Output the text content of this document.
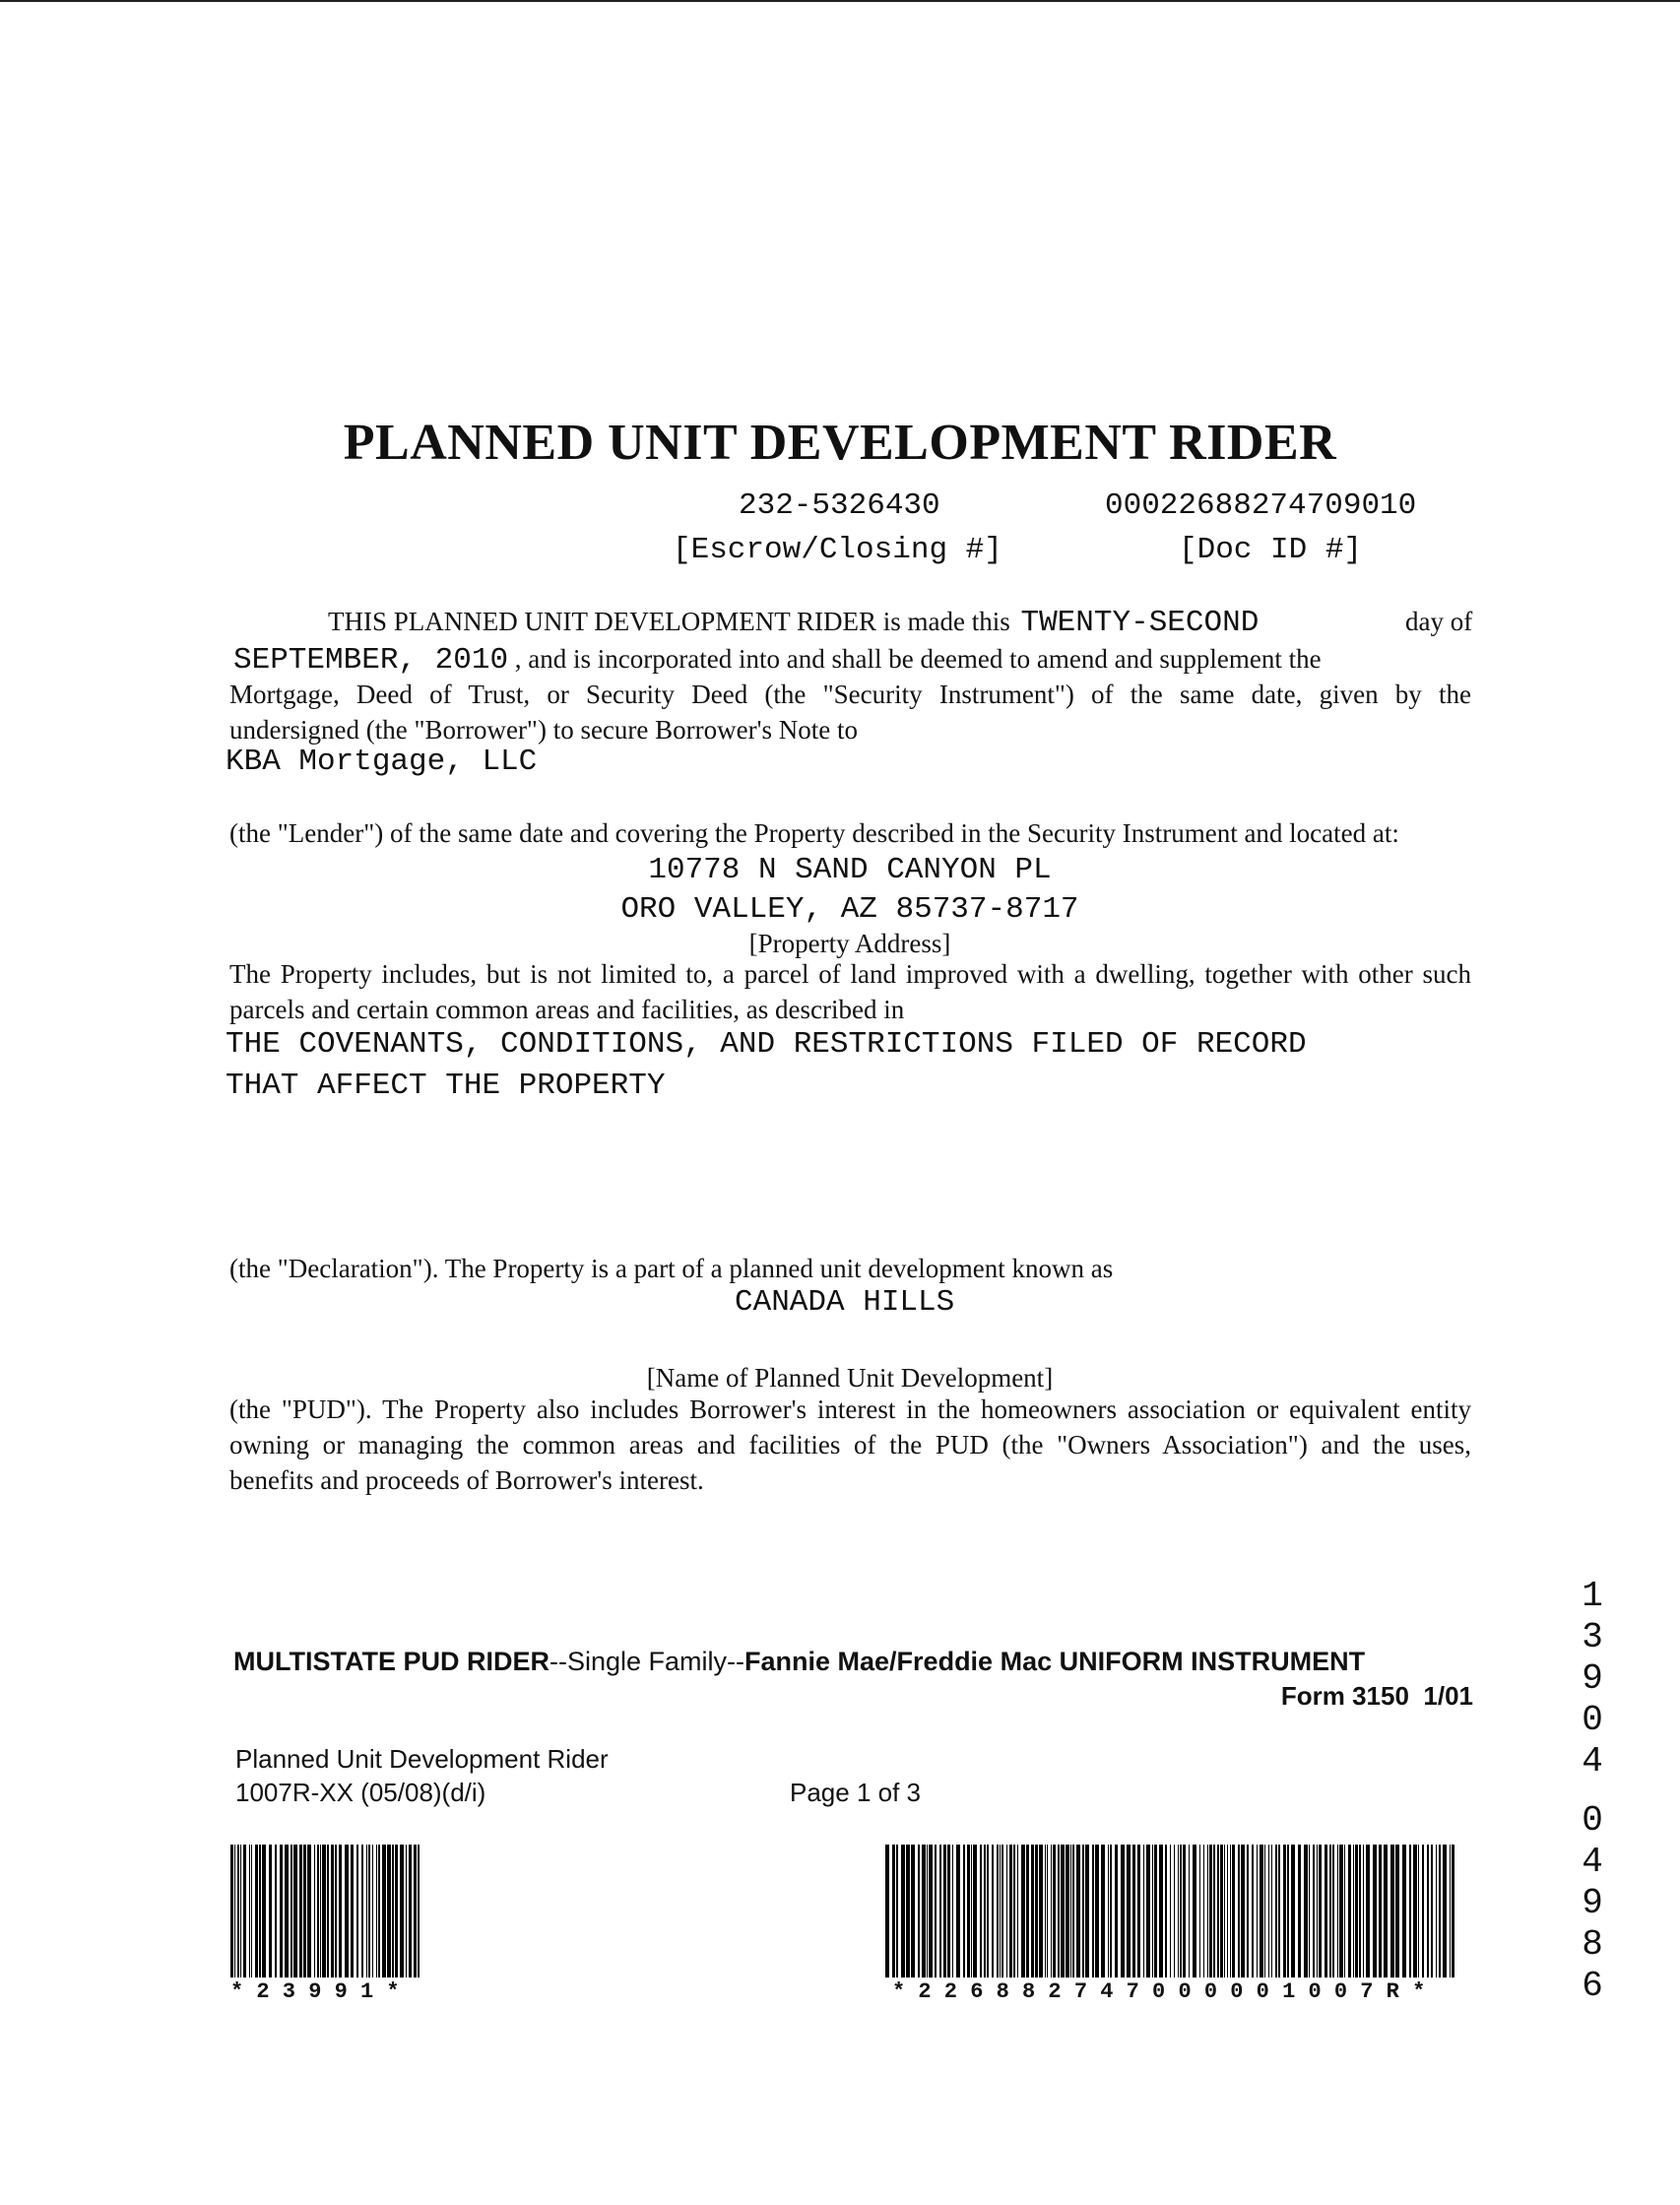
PLANNED UNIT DEVELOPMENT RIDER
232-5326430	00022688274709010
[Escrow/Closing #]	[Doc ID #]
THIS PLANNED UNIT DEVELOPMENT RIDER is made this TWENTY-SECOND	day of
SEPTEMBER, 2010 , and is incorporated into and shall be deemed to amend and supplement the
Mortgage, Deed of Trust, or Security Deed (the "Security Instrument") of the same date, given by the
undersigned (the "Borrower") to secure Borrower's Note to
KBA Mortgage, LLC
(the "Lender") of the same date and covering the Property described in the Security Instrument and located at:
10778 N SAND CANYON PL
ORO VALLEY, AZ 85737-8717
[Property Address]
The Property includes, but is not limited to, a parcel of land improved with a dwelling, together with other such
parcels and certain common areas and facilities, as described in
THE COVENANTS, CONDITIONS, AND RESTRICTIONS FILED OF RECORD
THAT AFFECT THE PROPERTY
(the "Declaration"). The Property is a part of a planned unit development known as
CANADA HILLS
[Name of Planned Unit Development]
(the "PUD"). The Property also includes Borrower's interest in the homeowners association or equivalent entity
owning or managing the common areas and facilities of the PUD (the "Owners Association") and the uses,
benefits and proceeds of Borrower's interest.
MULTISTATE PUD RIDER--Single Family--Fannie Mae/Freddie Mac UNIFORM INSTRUMENT
Form 3150  1/01
Planned Unit Development Rider
1007R-XX (05/08)(d/i)	Page 1 of 3
* 2 3 9 9 1 *	* 2 2 6 8 8 2 7 4 7 0 0 0 0 0 1 0 0 7 R *
1
3
9
0
4

0
4
9
8
6
